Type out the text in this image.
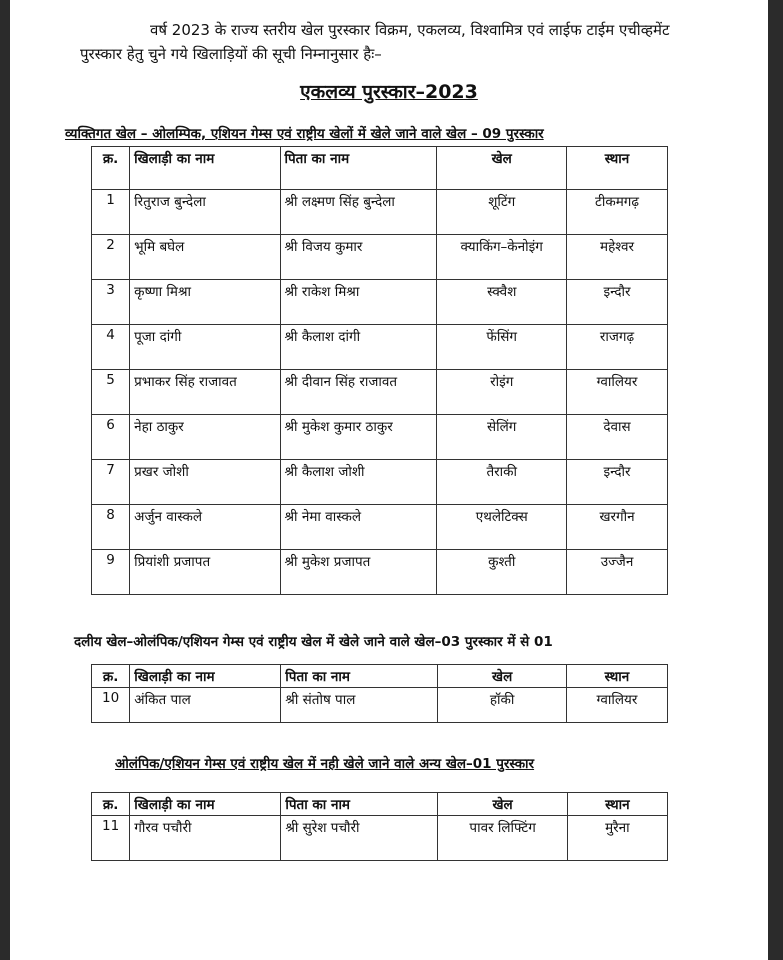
वर्ष 2023 के राज्य स्तरीय खेल पुरस्कार विक्रम, एकलव्य, विश्वामित्र एवं लाईफ टाईम एचीव्हमेंट पुरस्कार हेतु चुने गये खिलाड़ियों की सूची निम्नानुसार हैः–
एकलव्य पुरस्कार–2023
व्यक्तिगत खेल – ओलम्पिक, एशियन गेम्स एवं राष्ट्रीय खेलों में खेले जाने वाले खेल – 09 पुरस्कार
क्र.	खिलाड़ी का नाम	पिता का नाम	खेल	स्थान
1	रितुराज बुन्देला	श्री लक्ष्मण सिंह बुन्देला	शूटिंग	टीकमगढ़
2	भूमि बघेल	श्री विजय कुमार	क्याकिंग–केनोइंग	महेश्वर
3	कृष्णा मिश्रा	श्री राकेश मिश्रा	स्क्वैश	इन्दौर
4	पूजा दांगी	श्री कैलाश दांगी	फेंसिंग	राजगढ़
5	प्रभाकर सिंह राजावत	श्री दीवान सिंह राजावत	रोइंग	ग्वालियर
6	नेहा ठाकुर	श्री मुकेश कुमार ठाकुर	सेलिंग	देवास
7	प्रखर जोशी	श्री कैलाश जोशी	तैराकी	इन्दौर
8	अर्जुन वास्कले	श्री नेमा वास्कले	एथलेटिक्स	खरगौन
9	प्रियांशी प्रजापत	श्री मुकेश प्रजापत	कुश्ती	उज्जैन
दलीय खेल–ओलंपिक/एशियन गेम्स एवं राष्ट्रीय खेल में खेले जाने वाले खेल–03 पुरस्कार में से 01
क्र.	खिलाड़ी का नाम	पिता का नाम	खेल	स्थान
10	अंकित पाल	श्री संतोष पाल	हॉकी	ग्वालियर
ओलंपिक/एशियन गेम्स एवं राष्ट्रीय खेल में नही खेले जाने वाले अन्य खेल–01 पुरस्कार
क्र.	खिलाड़ी का नाम	पिता का नाम	खेल	स्थान
11	गौरव पचौरी	श्री सुरेश पचौरी	पावर लिफ्टिंग	मुरैना
